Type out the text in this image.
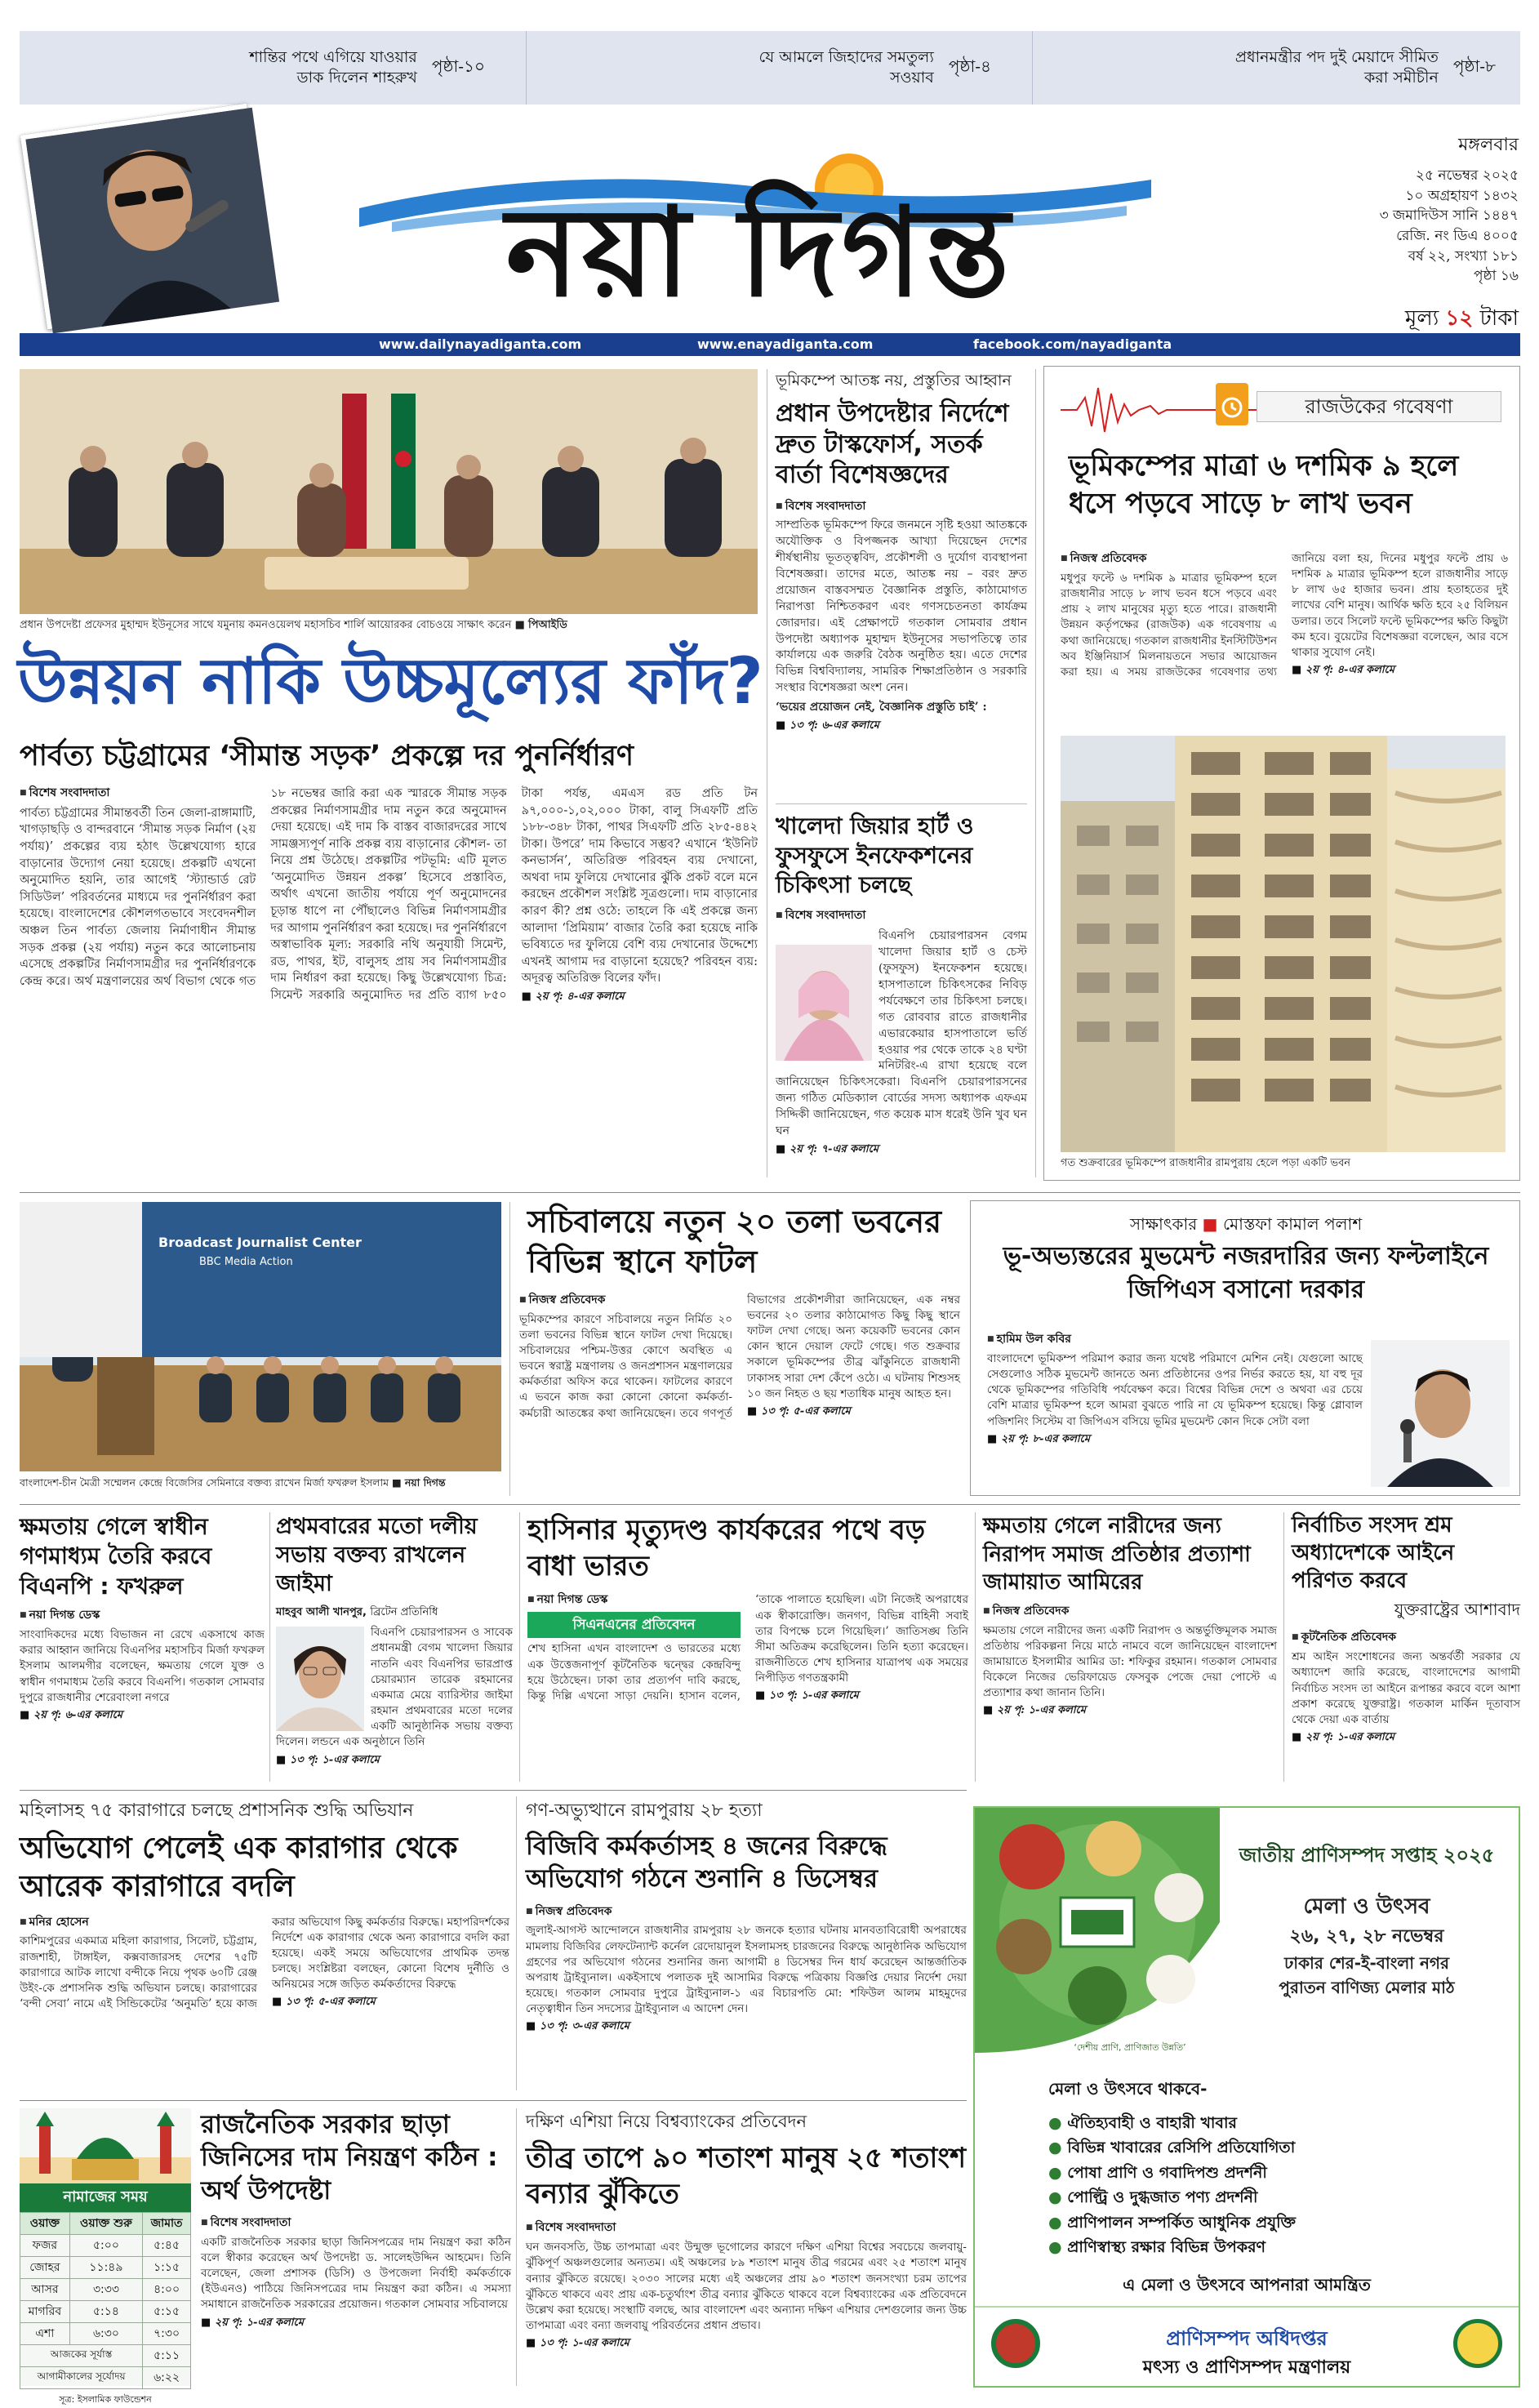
শান্তির পথে এগিয়ে যাওয়ার ডাক দিলেন শাহরুখ
পৃষ্ঠা-১০	যে আমলে জিহাদের সমতুল্য সওয়াব
পৃষ্ঠা-৪	প্রধানমন্ত্রীর পদ দুই মেয়াদে সীমিত করা সমীচীন
পৃষ্ঠা-৮
নয়া দিগন্ত
মঙ্গলবার
২৫ নভেম্বর ২০২৫
১০ অগ্রহায়ণ ১৪৩২
৩ জমাদিউস সানি ১৪৪৭
রেজি. নং ডিএ ৪০০৫
বর্ষ ২২, সংখ্যা ১৮১
পৃষ্ঠা ১৬
মূল্য ১২ টাকা
www.dailynayadiganta.com	www.enayadiganta.com	facebook.com/nayadiganta
প্রধান উপদেষ্টা প্রফেসর মুহাম্মদ ইউনূসের সাথে যমুনায় কমনওয়েলথ মহাসচিব শার্লি আয়োরকর বোচওয়ে সাক্ষাৎ করেন ■ পিআইডি
উন্নয়ন নাকি উচ্চমূল্যের ফাঁদ?
পার্বত্য চট্টগ্রামের ‘সীমান্ত সড়ক’ প্রকল্পে দর পুনর্নির্ধারণ
■ বিশেষ সংবাদদাতা
পার্বত্য চট্টগ্রামের সীমান্তবর্তী তিন জেলা-রাঙ্গামাটি, খাগড়াছড়ি ও বান্দরবানে ‘সীমান্ত সড়ক নির্মাণ (২য় পর্যায়)’ প্রকল্পের ব্যয় হঠাৎ উল্লেখযোগ্য হারে বাড়ানোর উদ্যোগ নেয়া হয়েছে। প্রকল্পটি এখনো অনুমোদিত হয়নি, তার আগেই ‘স্ট্যান্ডার্ড রেট সিডিউল’ পরিবর্তনের মাধ্যমে দর পুনর্নির্ধারণ করা হয়েছে। বাংলাদেশের কৌশলগতভাবে সংবেদনশীল অঞ্চল তিন পার্বত্য জেলায় নির্মাণাধীন সীমান্ত সড়ক প্রকল্প (২য় পর্যায়) নতুন করে আলোচনায় এসেছে প্রকল্পটির নির্মাণসামগ্রীর দর পুনর্নির্ধারণকে কেন্দ্র করে। অর্থ মন্ত্রণালয়ের অর্থ বিভাগ থেকে গত ১৮ নভেম্বর জারি করা এক স্মারকে সীমান্ত সড়ক প্রকল্পের নির্মাণসামগ্রীর দাম নতুন করে অনুমোদন দেয়া হয়েছে। এই দাম কি বাস্তব বাজারদরের সাথে সামঞ্জস্যপূর্ণ নাকি প্রকল্প ব্যয় বাড়ানোর কৌশল- তা নিয়ে প্রশ্ন উঠেছে। প্রকল্পটির পটভূমি: এটি মূলত ‘অনুমোদিত উন্নয়ন প্রকল্প’ হিসেবে প্রস্তাবিত, অর্থাৎ এখনো জাতীয় পর্যায়ে পূর্ণ অনুমোদনের চূড়ান্ত ধাপে না পৌঁছালেও বিভিন্ন নির্মাণসামগ্রীর দর আগাম পুনর্নির্ধারণ করা হয়েছে। দর পুনর্নির্ধারণে অস্বাভাবিক মূল্য: সরকারি নথি অনুযায়ী সিমেন্ট, রড, পাথর, ইট, বালুসহ প্রায় সব নির্মাণসামগ্রীর দাম নির্ধারণ করা হয়েছে। কিছু উল্লেখযোগ্য চিত্র: সিমেন্ট সরকারি অনুমোদিত দর প্রতি ব্যাগ ৮৫০ টাকা পর্যন্ত, এমএস রড প্রতি টন ৯৭,০০০-১,০২,০০০ টাকা, বালু সিএফটি প্রতি ১৮৮-৩৪৮ টাকা, পাথর সিএফটি প্রতি ২৮৫-৪৪২ টাকা। উপরে’ দাম কিভাবে সম্ভব? এখানে ‘ইউনিট কনভার্সন’, অতিরিক্ত পরিবহন ব্যয় দেখানো, অথবা দাম ফুলিয়ে দেখানোর ঝুঁকি প্রকট বলে মনে করছেন প্রকৌশল সংশ্লিষ্ট সূত্রগুলো। দাম বাড়ানোর কারণ কী? প্রশ্ন ওঠে: তাহলে কি এই প্রকল্পে জন্য আলাদা ‘প্রিমিয়াম’ বাজার তৈরি করা হয়েছে নাকি ভবিষ্যতে দর ফুলিয়ে বেশি ব্যয় দেখানোর উদ্দেশ্যে এখনই আগাম দর বাড়ানো হয়েছে? পরিবহন ব্যয়: অদূরত্ব অতিরিক্ত বিলের ফাঁদ।
■ ২য় পৃ: ৪-এর কলামে
ভূমিকম্পে আতঙ্ক নয়, প্রস্তুতির আহ্বান
প্রধান উপদেষ্টার নির্দেশে দ্রুত টাস্কফোর্স, সতর্ক বার্তা বিশেষজ্ঞদের
■ বিশেষ সংবাদদাতা
সাম্প্রতিক ভূমিকম্পে ফিরে জনমনে সৃষ্টি হওয়া আতঙ্ককে অযৌক্তিক ও বিপজ্জনক আখ্যা দিয়েছেন দেশের শীর্ষস্থানীয় ভূতত্ত্ববিদ, প্রকৌশলী ও দুর্যোগ ব্যবস্থাপনা বিশেষজ্ঞরা। তাদের মতে, আতঙ্ক নয় – বরং দ্রুত প্রয়োজন বাস্তবসম্মত বৈজ্ঞানিক প্রস্তুতি, কাঠামোগত নিরাপত্তা নিশ্চিতকরণ এবং গণসচেতনতা কার্যক্রম জোরদার। এই প্রেক্ষাপটে গতকাল সোমবার প্রধান উপদেষ্টা অধ্যাপক মুহাম্মদ ইউনূসের সভাপতিত্বে তার কার্যালয়ে এক জরুরি বৈঠক অনুষ্ঠিত হয়। এতে দেশের বিভিন্ন বিশ্ববিদ্যালয়, সামরিক শিক্ষাপ্রতিষ্ঠান ও সরকারি সংস্থার বিশেষজ্ঞরা অংশ নেন।
‘ভয়ের প্রয়োজন নেই, বৈজ্ঞানিক প্রস্তুতি চাই’ :
■ ১৩ পৃ: ৬-এর কলামে
খালেদা জিয়ার হার্ট ও ফুসফুসে ইনফেকশনের চিকিৎসা চলছে
■ বিশেষ সংবাদদাতা
বিএনপি চেয়ারপারসন বেগম খালেদা জিয়ার হার্ট ও চেস্ট (ফুসফুস) ইনফেকশন হয়েছে। হাসপাতালে চিকিৎসকের নিবিড় পর্যবেক্ষণে তার চিকিৎসা চলছে। গত রোববার রাতে রাজধানীর এভারকেয়ার হাসপাতালে ভর্তি হওয়ার পর থেকে তাকে ২৪ ঘণ্টা মনিটরিং-এ রাখা হয়েছে বলে জানিয়েছেন চিকিৎসকেরা। বিএনপি চেয়ারপারসনের জন্য গঠিত মেডিক্যাল বোর্ডের সদস্য অধ্যাপক এফএম সিদ্দিকী জানিয়েছেন, গত কয়েক মাস ধরেই উনি খুব ঘন ঘন
■ ২য় পৃ: ৭-এর কলামে
রাজউকের গবেষণা
ভূমিকম্পের মাত্রা ৬ দশমিক ৯ হলে ধসে পড়বে সাড়ে ৮ লাখ ভবন
■ নিজস্ব প্রতিবেদক
মধুপুর ফল্টে ৬ দশমিক ৯ মাত্রার ভূমিকম্প হলে রাজধানীর সাড়ে ৮ লাখ ভবন ধসে পড়বে এবং প্রায় ২ লাখ মানুষের মৃত্যু হতে পারে। রাজধানী উন্নয়ন কর্তৃপক্ষের (রাজউক) এক গবেষণায় এ কথা জানিয়েছে। গতকাল রাজধানীর ইনস্টিটিউশন অব ইঞ্জিনিয়ার্স মিলনায়তনে সভার আয়োজন করা হয়। এ সময় রাজউকের গবেষণার তথ্য জানিয়ে বলা হয়, দিনের মধুপুর ফল্টে প্রায় ৬ দশমিক ৯ মাত্রার ভূমিকম্প হলে রাজধানীর সাড়ে ৮ লাখ ৬৫ হাজার ভবন। প্রায় হতাহতের দুই লাখের বেশি মানুষ। আর্থিক ক্ষতি হবে ২৫ বিলিয়ন ডলার। তবে সিলেট ফল্টে ভূমিকম্পের ক্ষতি কিছুটা কম হবে। বুয়েটের বিশেষজ্ঞরা বলেছেন, আর বসে থাকার সুযোগ নেই।
■ ২য় পৃ: ৪-এর কলামে
গত শুক্রবারের ভূমিকম্পে রাজধানীর রামপুরায় হেলে পড়া একটি ভবন
Broadcast Journalist Center
BBC Media Action
বাংলাদেশ-চীন মৈত্রী সম্মেলন কেন্দ্রে বিজেসির সেমিনারে বক্তব্য রাখেন মির্জা ফখরুল ইসলাম ■ নয়া দিগন্ত
সচিবালয়ে নতুন ২০ তলা ভবনের বিভিন্ন স্থানে ফাটল
■ নিজস্ব প্রতিবেদক
ভূমিকম্পের কারণে সচিবালয়ে নতুন নির্মিত ২০ তলা ভবনের বিভিন্ন স্থানে ফাটল দেখা দিয়েছে। সচিবালয়ের পশ্চিম-উত্তর কোণে অবস্থিত এ ভবনে স্বরাষ্ট্র মন্ত্রণালয় ও জনপ্রশাসন মন্ত্রণালয়ের কর্মকর্তারা অফিস করে থাকেন। ফাটলের কারণে এ ভবনে কাজ করা কোনো কোনো কর্মকর্তা-কর্মচারী আতঙ্কের কথা জানিয়েছেন। তবে গণপূর্ত বিভাগের প্রকৌশলীরা জানিয়েছেন, এক নম্বর ভবনের ২০ তলার কাঠামোগত কিছু কিছু স্থানে ফাটল দেখা গেছে। অন্য কয়েকটি ভবনের কোন কোন স্থানে দেয়াল ফেটে গেছে। গত শুক্রবার সকালে ভূমিকম্পের তীব্র ঝাঁকুনিতে রাজধানী ঢাকাসহ সারা দেশ কেঁপে ওঠে। এ ঘটনায় শিশুসহ ১০ জন নিহত ও ছয় শতাধিক মানুষ আহত হন।
■ ১৩ পৃ: ৫-এর কলামে
সাক্ষাৎকার ■ মোস্তফা কামাল পলাশ
ভূ-অভ্যন্তরের মুভমেন্ট নজরদারির জন্য ফল্টলাইনে জিপিএস বসানো দরকার
■ হামিম উল কবির
বাংলাদেশে ভূমিকম্প পরিমাপ করার জন্য যথেষ্ট পরিমাণে মেশিন নেই। যেগুলো আছে সেগুলোও সঠিক মুভমেন্ট জানতে অন্য প্রতিষ্ঠানের ওপর নির্ভর করতে হয়, যা বহু দূর থেকে ভূমিকম্পের গতিবিধি পর্যবেক্ষণ করে। বিশ্বের বিভিন্ন দেশে ও অথবা এর চেয়ে বেশি মাত্রার ভূমিকম্প হলে আমরা বুঝতে পারি না যে ভূমিকম্প হয়েছে। কিন্তু গ্লোবাল পজিশনিং সিস্টেম বা জিপিএস বসিয়ে ভূমির মুভমেন্ট কোন দিকে সেটা বলা
■ ২য় পৃ: ৮-এর কলামে
ক্ষমতায় গেলে স্বাধীন গণমাধ্যম তৈরি করবে বিএনপি : ফখরুল
■ নয়া দিগন্ত ডেস্ক
সাংবাদিকদের মধ্যে বিভাজন না রেখে একসাথে কাজ করার আহ্বান জানিয়ে বিএনপির মহাসচিব মির্জা ফখরুল ইসলাম আলমগীর বলেছেন, ক্ষমতায় গেলে যুক্ত ও স্বাধীন গণমাধ্যম তৈরি করবে বিএনপি। গতকাল সোমবার দুপুরে রাজধানীর শেরেবাংলা নগরে
■ ২য় পৃ: ৬-এর কলামে
প্রথমবারের মতো দলীয় সভায় বক্তব্য রাখলেন জাইমা
মাহবুব আলী খানপুর, ব্রিটেন প্রতিনিধি
বিএনপি চেয়ারপারসন ও সাবেক প্রধানমন্ত্রী বেগম খালেদা জিয়ার নাতনি এবং বিএনপির ভারপ্রাপ্ত চেয়ারম্যান তারেক রহমানের একমাত্র মেয়ে ব্যারিস্টার জাইমা রহমান প্রথমবারের মতো দলের একটি আনুষ্ঠানিক সভায় বক্তব্য দিলেন। লন্ডনে এক অনুষ্ঠানে তিনি
■ ১৩ পৃ: ১-এর কলামে
হাসিনার মৃত্যুদণ্ড কার্যকরের পথে বড় বাধা ভারত
■ নয়া দিগন্ত ডেস্ক
সিএনএনের প্রতিবেদন
শেখ হাসিনা এখন বাংলাদেশ ও ভারতের মধ্যে এক উত্তেজনাপূর্ণ কূটনৈতিক দ্বন্দ্বের কেন্দ্রবিন্দু হয়ে উঠেছেন। ঢাকা তার প্রত্যর্পণ দাবি করছে, কিন্তু দিল্লি এখনো সাড়া দেয়নি। হাসান বলেন, ‘তাকে পালাতে হয়েছিল। এটা নিজেই অপরাধের এক স্বীকারোক্তি। জনগণ, বিভিন্ন বাহিনী সবাই তার বিপক্ষে চলে গিয়েছিল।’ জাতিসঙ্ঘ তিনি সীমা অতিক্রম করেছিলেন। তিনি হত্যা করেছেন। রাজনীতিতে শেখ হাসিনার যাত্রাপথ এক সময়ের নিপীড়িত গণতন্ত্রকামী
■ ১৩ পৃ: ১-এর কলামে
ক্ষমতায় গেলে নারীদের জন্য নিরাপদ সমাজ প্রতিষ্ঠার প্রত্যাশা জামায়াত আমিরের
■ নিজস্ব প্রতিবেদক
ক্ষমতায় গেলে নারীদের জন্য একটি নিরাপদ ও অন্তর্ভুক্তিমূলক সমাজ প্রতিষ্ঠায় পরিকল্পনা নিয়ে মাঠে নামবে বলে জানিয়েছেন বাংলাদেশ জামায়াতে ইসলামীর আমির ডা: শফিকুর রহমান। গতকাল সোমবার বিকেলে নিজের ভেরিফায়েড ফেসবুক পেজে দেয়া পোস্টে এ প্রত্যাশার কথা জানান তিনি।
■ ২য় পৃ: ১-এর কলামে
নির্বাচিত সংসদ শ্রম অধ্যাদেশকে আইনে পরিণত করবে
যুক্তরাষ্ট্রের আশাবাদ
■ কূটনৈতিক প্রতিবেদক
শ্রম আইন সংশোধনের জন্য অন্তর্বর্তী সরকার যে অধ্যাদেশ জারি করেছে, বাংলাদেশের আগামী নির্বাচিত সংসদ তা আইনে রূপান্তর করবে বলে আশা প্রকাশ করেছে যুক্তরাষ্ট্র। গতকাল মার্কিন দূতাবাস থেকে দেয়া এক বার্তায়
■ ২য় পৃ: ১-এর কলামে
মহিলাসহ ৭৫ কারাগারে চলছে প্রশাসনিক শুদ্ধি অভিযান
অভিযোগ পেলেই এক কারাগার থেকে আরেক কারাগারে বদলি
■ মনির হোসেন
কাশিমপুরের একমাত্র মহিলা কারাগার, সিলেট, চট্টগ্রাম, রাজশাহী, টাঙ্গাইল, কক্সবাজারসহ দেশের ৭৫টি কারাগারে আটক লাখো বন্দীকে নিয়ে পৃথক ৬০টি রেঞ্জ উইং-কে প্রশাসনিক শুদ্ধি অভিযান চলছে। কারাগারের ‘বন্দী সেবা’ নামে এই সিন্ডিকেটের ‘অনুমতি’ হয়ে কাজ করার অভিযোগ কিছু কর্মকর্তার বিরুদ্ধে। মহাপরিদর্শকের নির্দেশে এক কারাগার থেকে অন্য কারাগারে বদলি করা হয়েছে। একই সময়ে অভিযোগের প্রাথমিক তদন্ত চলছে। সংশ্লিষ্টরা বলছেন, কোনো বিশেষ দুর্নীতি ও অনিয়মের সঙ্গে জড়িত কর্মকর্তাদের বিরুদ্ধে
■ ১৩ পৃ: ৫-এর কলামে
গণ-অভ্যুত্থানে রামপুরায় ২৮ হত্যা
বিজিবি কর্মকর্তাসহ ৪ জনের বিরুদ্ধে অভিযোগ গঠনে শুনানি ৪ ডিসেম্বর
■ নিজস্ব প্রতিবেদক
জুলাই-আগস্ট আন্দোলনে রাজধানীর রামপুরায় ২৮ জনকে হত্যার ঘটনায় মানবতাবিরোধী অপরাধের মামলায় বিজিবির লেফটেন্যান্ট কর্নেল রেদোয়ানুল ইসলামসহ চারজনের বিরুদ্ধে আনুষ্ঠানিক অভিযোগ গ্রহণের পর অভিযোগ গঠনের শুনানির জন্য আগামী ৪ ডিসেম্বর দিন ধার্য করেছেন আন্তর্জাতিক অপরাধ ট্রাইব্যুনাল। একইসাথে পলাতক দুই আসামির বিরুদ্ধে পত্রিকায় বিজ্ঞপ্তি দেয়ার নির্দেশ দেয়া হয়েছে। গতকাল সোমবার দুপুরে ট্রাইব্যুনাল-১ এর বিচারপতি মো: শফিউল আলম মাহমুদের নেতৃত্বাধীন তিন সদস্যের ট্রাইব্যুনাল এ আদেশ দেন।
■ ১৩ পৃ: ৩-এর কলামে
নামাজের সময়
ওয়াক্ত	ওয়াক্ত শুরু	জামাত
ফজর	৫:০০	৫:৪৫
জোহর	১১:৪৯	১:১৫
আসর	৩:৩৩	৪:০০
মাগরিব	৫:১৪	৫:১৫
এশা	৬:৩০	৭:৩০
আজকের সূর্যাস্ত		৫:১১
আগামীকালের সূর্যোদয়		৬:২২
সূত্র: ইসলামিক ফাউন্ডেশন
রাজনৈতিক সরকার ছাড়া জিনিসের দাম নিয়ন্ত্রণ কঠিন : অর্থ উপদেষ্টা
■ বিশেষ সংবাদদাতা
একটি রাজনৈতিক সরকার ছাড়া জিনিসপত্রের দাম নিয়ন্ত্রণ করা কঠিন বলে স্বীকার করেছেন অর্থ উপদেষ্টা ড. সালেহউদ্দিন আহমেদ। তিনি বলেছেন, জেলা প্রশাসক (ডিসি) ও উপজেলা নির্বাহী কর্মকর্তাকে (ইউএনও) পাঠিয়ে জিনিসপত্রের দাম নিয়ন্ত্রণ করা কঠিন। এ সমস্যা সমাধানে রাজনৈতিক সরকারের প্রয়োজন। গতকাল সোমবার সচিবালয়ে
■ ২য় পৃ: ১-এর কলামে
দক্ষিণ এশিয়া নিয়ে বিশ্বব্যাংকের প্রতিবেদন
তীব্র তাপে ৯০ শতাংশ মানুষ ২৫ শতাংশ বন্যার ঝুঁকিতে
■ বিশেষ সংবাদদাতা
ঘন জনবসতি, উচ্চ তাপমাত্রা এবং উন্মুক্ত ভূগোলের কারণে দক্ষিণ এশিয়া বিশ্বের সবচেয়ে জলবায়ু-ঝুঁকিপূর্ণ অঞ্চলগুলোর অন্যতম। এই অঞ্চলের ৮৯ শতাংশ মানুষ তীব্র গরমের এবং ২৫ শতাংশ মানুষ বন্যার ঝুঁকিতে রয়েছে। ২০৩০ সালের মধ্যে এই অঞ্চলের প্রায় ৯০ শতাংশ জনসংখ্যা চরম তাপের ঝুঁকিতে থাকবে এবং প্রায় এক-চতুর্থাংশ তীব্র বন্যার ঝুঁকিতে থাকবে বলে বিশ্বব্যাংকের এক প্রতিবেদনে উল্লেখ করা হয়েছে। সংস্থাটি বলছে, আর বাংলাদেশ এবং অন্যান্য দক্ষিণ এশিয়ার দেশগুলোর জন্য উচ্চ তাপমাত্রা এবং বন্যা জলবায়ু পরিবর্তনের প্রধান প্রভাব।
■ ১৩ পৃ: ১-এর কলামে
‘দেশীয় প্রাণি, প্রাণিজাত উন্নতি’
জাতীয় প্রাণিসম্পদ সপ্তাহ ২০২৫
মেলা ও উৎসব
২৬, ২৭, ২৮ নভেম্বর
ঢাকার শের-ই-বাংলা নগর
পুরাতন বাণিজ্য মেলার মাঠ
মেলা ও উৎসবে থাকবে-
● ঐতিহ্যবাহী ও বাহারী খাবার
● বিভিন্ন খাবারের রেসিপি প্রতিযোগিতা
● পোষা প্রাণি ও গবাদিপশু প্রদর্শনী
● পোল্ট্রি ও দুগ্ধজাত পণ্য প্রদর্শনী
● প্রাণিপালন সম্পর্কিত আধুনিক প্রযুক্তি
● প্রাণিস্বাস্থ্য রক্ষার বিভিন্ন উপকরণ
এ মেলা ও উৎসবে আপনারা আমন্ত্রিত
প্রাণিসম্পদ অধিদপ্তর
মৎস্য ও প্রাণিসম্পদ মন্ত্রণালয়
